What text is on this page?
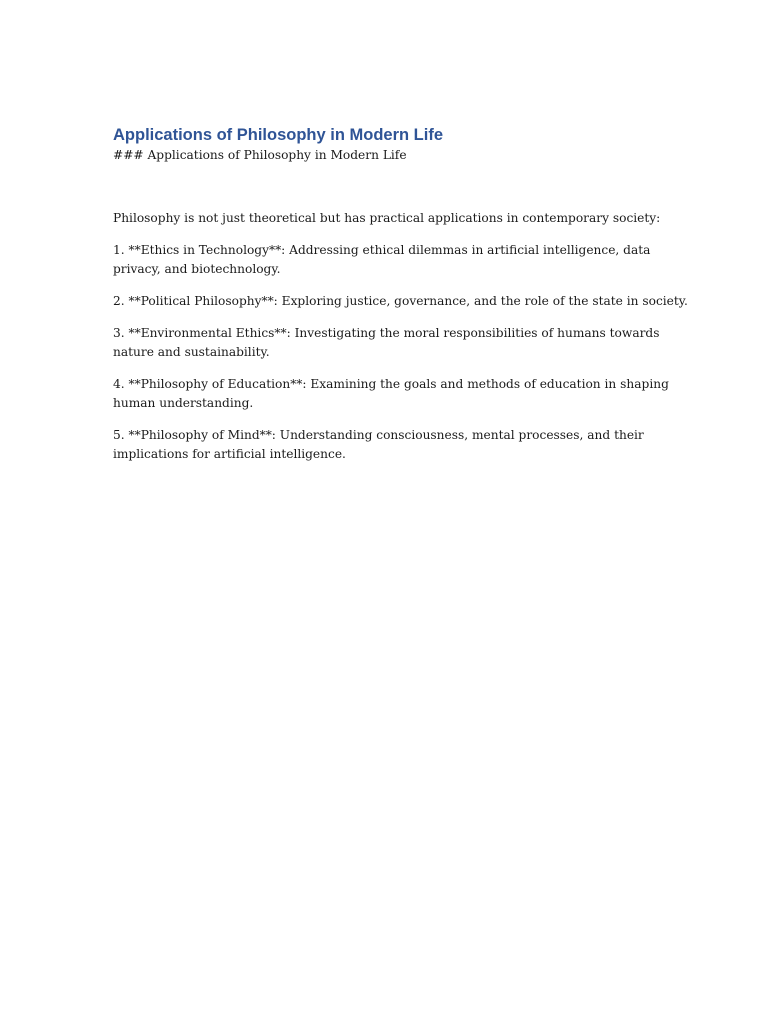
Applications of Philosophy in Modern Life

### Applications of Philosophy in Modern Life

Philosophy is not just theoretical but has practical applications in contemporary society:

1. **Ethics in Technology**: Addressing ethical dilemmas in artificial intelligence, data
privacy, and biotechnology.

2. **Political Philosophy**: Exploring justice, governance, and the role of the state in society.

3. **Environmental Ethics**: Investigating the moral responsibilities of humans towards
nature and sustainability.

4. **Philosophy of Education**: Examining the goals and methods of education in shaping
human understanding.

5. **Philosophy of Mind**: Understanding consciousness, mental processes, and their
implications for artificial intelligence.
